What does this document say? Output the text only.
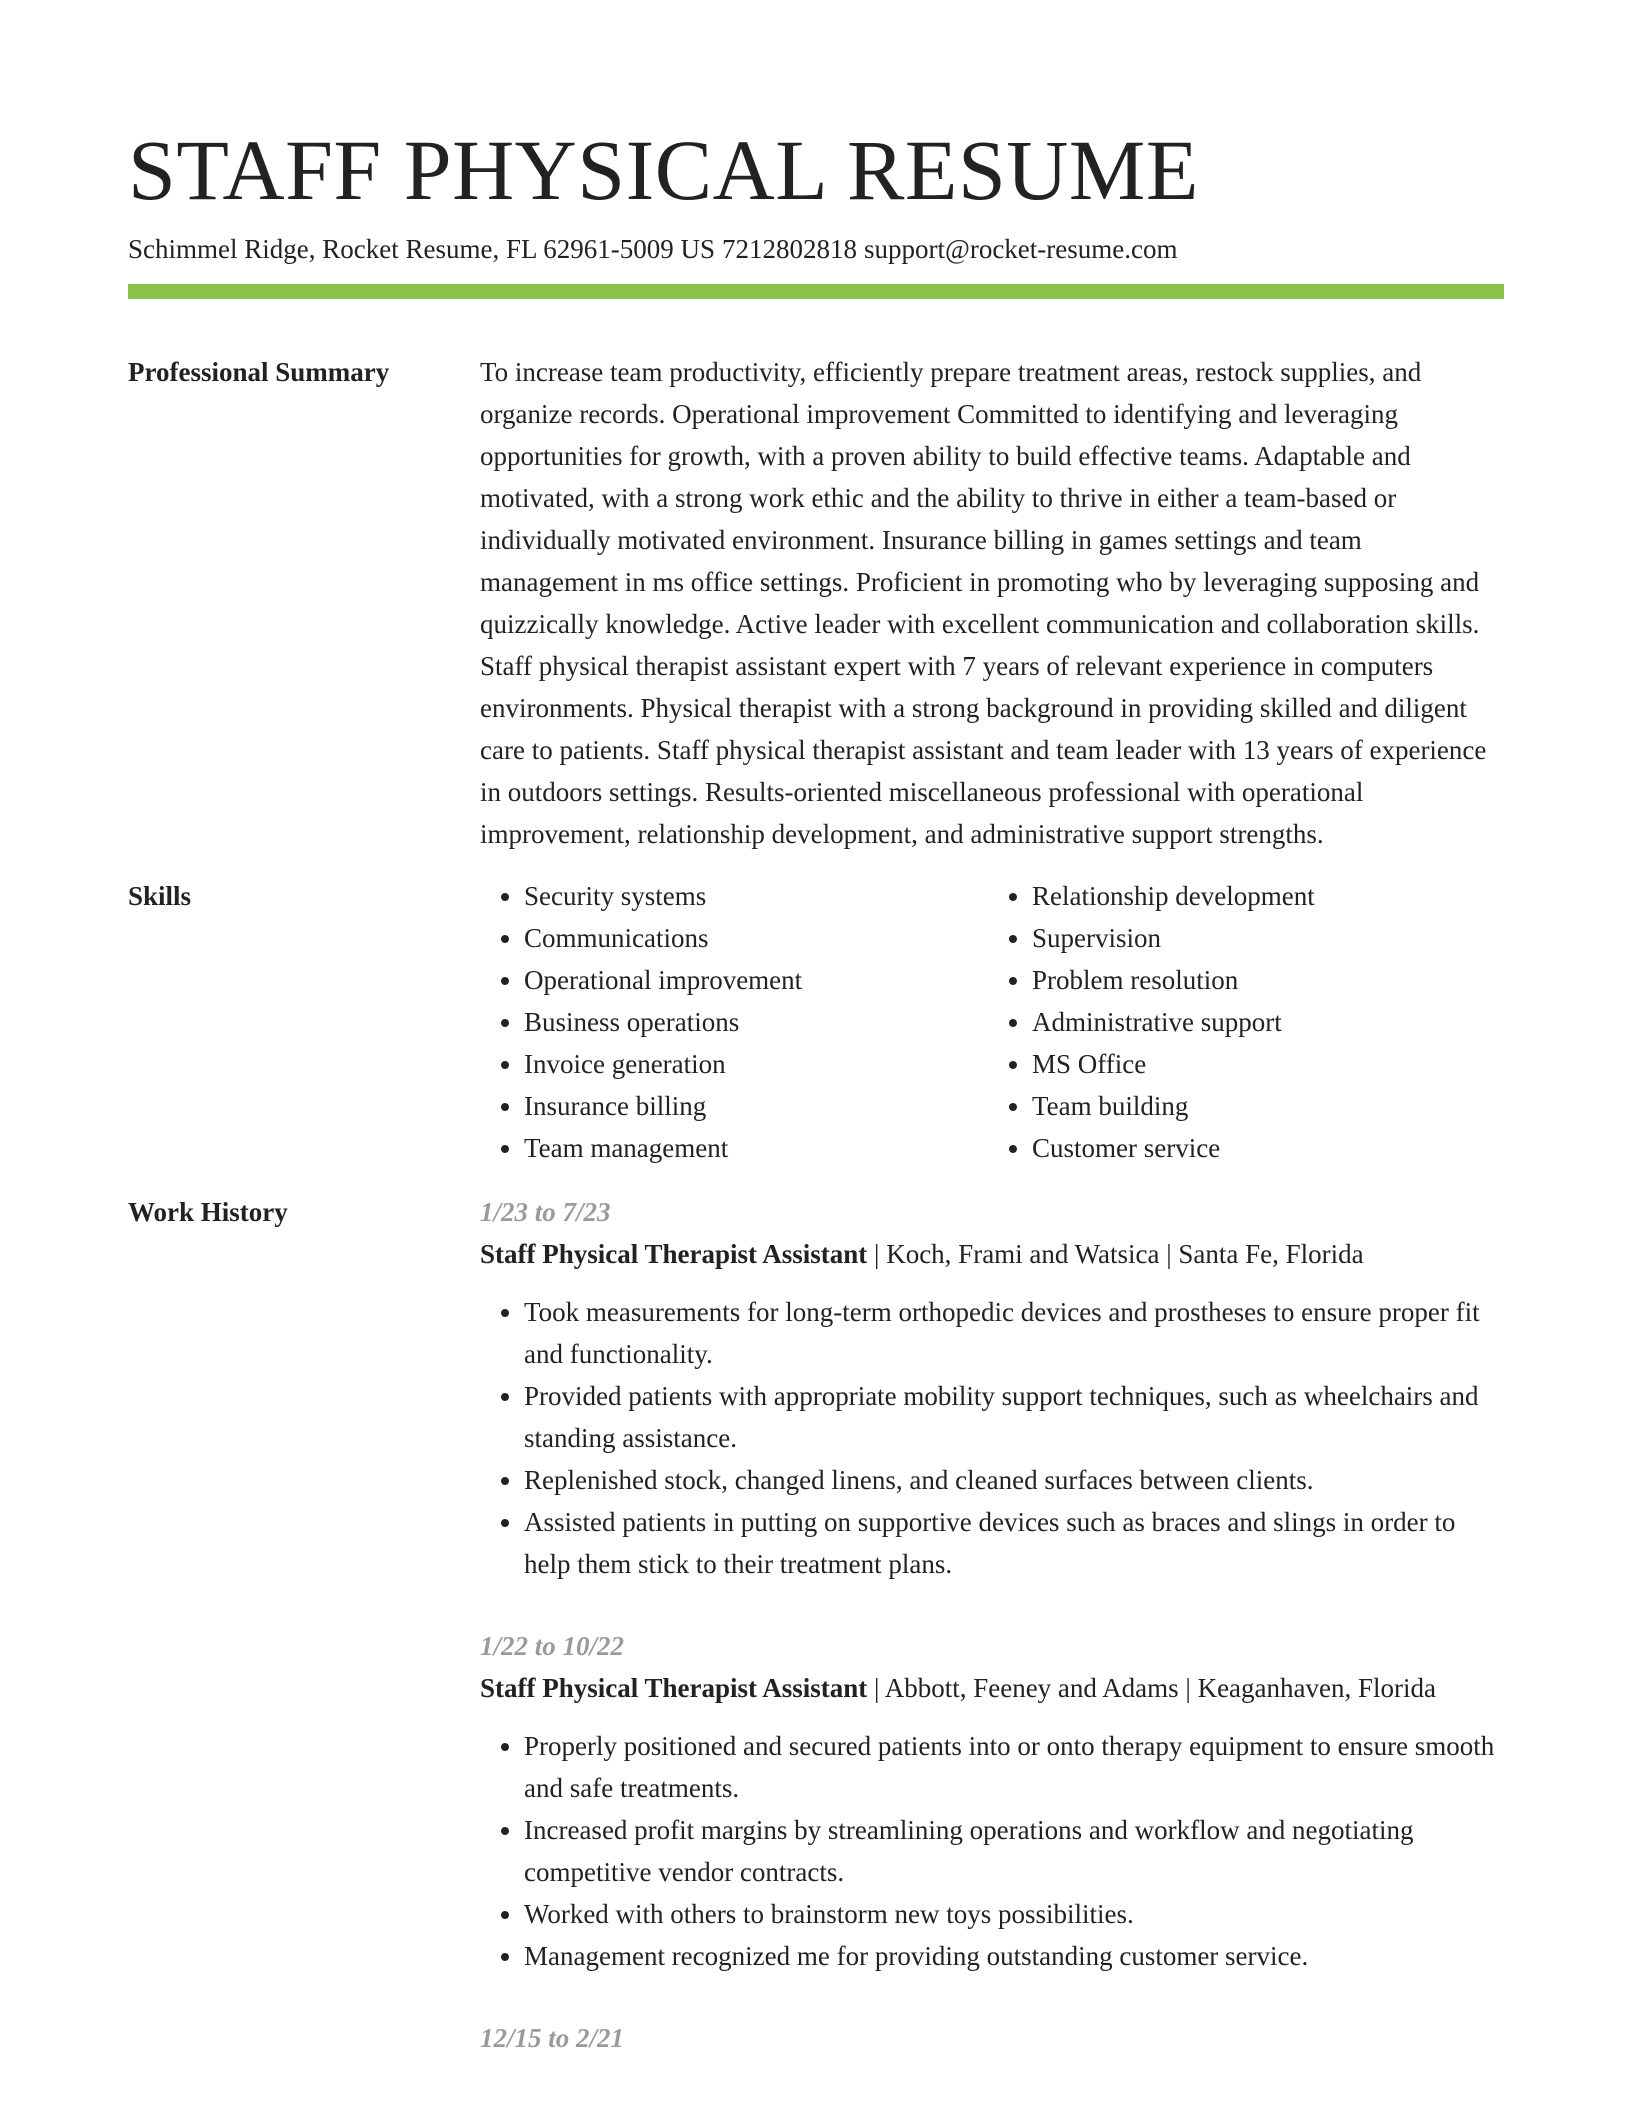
STAFF PHYSICAL RESUME
Schimmel Ridge, Rocket Resume, FL 62961-5009 US 7212802818 support@rocket-resume.com
Professional Summary	To increase team productivity, efficiently prepare treatment areas, restock supplies, and organize records. Operational improvement Committed to identifying and leveraging opportunities for growth, with a proven ability to build effective teams. Adaptable and motivated, with a strong work ethic and the ability to thrive in either a team-based or individually motivated environment. Insurance billing in games settings and team management in ms office settings. Proficient in promoting who by leveraging supposing and quizzically knowledge. Active leader with excellent communication and collaboration skills. Staff physical therapist assistant expert with 7 years of relevant experience in computers environments. Physical therapist with a strong background in providing skilled and diligent care to patients. Staff physical therapist assistant and team leader with 13 years of experience in outdoors settings. Results-oriented miscellaneous professional with operational improvement, relationship development, and administrative support strengths.

Skills
•	Security systems
• Communications
• Operational improvement
• Business operations
• Invoice generation
• Insurance billing
• Team management
• Relationship development
• Supervision
• Problem resolution
• Administrative support
• MS Office
• Team building
• Customer service
Work History	1/23 to 7/23
Staff Physical Therapist Assistant | Koch, Frami and Watsica | Santa Fe, Florida
• Took measurements for long-term orthopedic devices and prostheses to ensure proper fit and functionality.
• Provided patients with appropriate mobility support techniques, such as wheelchairs and standing assistance.
• Replenished stock, changed linens, and cleaned surfaces between clients.
• Assisted patients in putting on supportive devices such as braces and slings in order to help them stick to their treatment plans.
1/22 to 10/22
Staff Physical Therapist Assistant | Abbott, Feeney and Adams | Keaganhaven, Florida
• Properly positioned and secured patients into or onto therapy equipment to ensure smooth and safe treatments.
• Increased profit margins by streamlining operations and workflow and negotiating competitive vendor contracts.
• Worked with others to brainstorm new toys possibilities.
• Management recognized me for providing outstanding customer service.
12/15 to 2/21
